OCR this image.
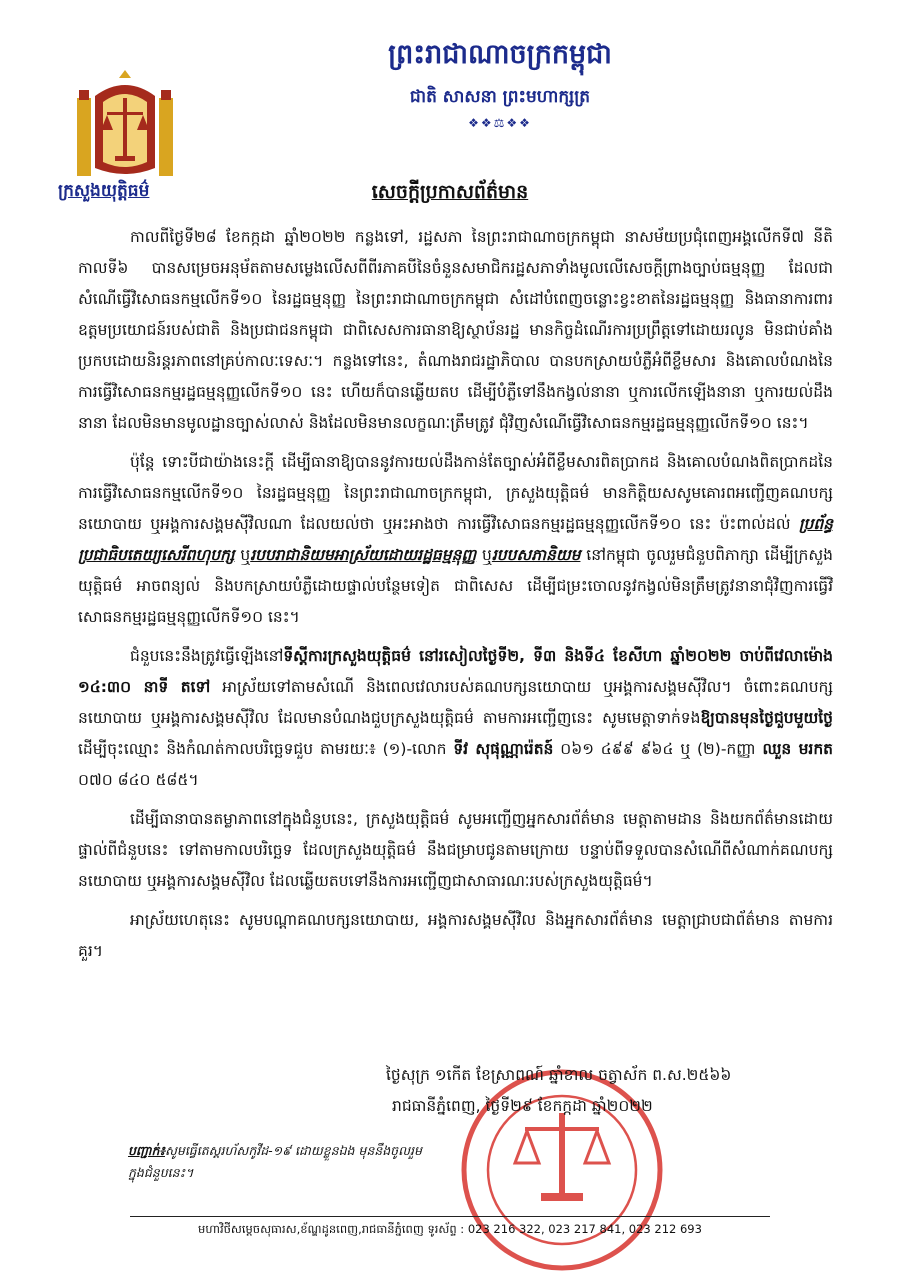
ក្រសួងយុត្តិធម៌
ព្រះរាជាណាចក្រកម្ពុជា
ជាតិ សាសនា ព្រះមហាក្សត្រ
❖❖⚖❖❖
សេចក្ដីប្រកាសព័ត៌មាន

កាលពីថ្ងៃទី២៨ ខែកក្កដា ឆ្នាំ២០២២ កន្លងទៅ, រដ្ឋសភា នៃព្រះរាជាណាចក្រកម្ពុជា នាសម័យប្រជុំពេញអង្គលើកទី៧ នីតិកាលទី៦ បានសម្រេចអនុម័តតាមសម្លេងលើសពីពីរភាគបីនៃចំនួនសមាជិករដ្ឋសភាទាំងមូលលើសេចក្ដីព្រាងច្បាប់ធម្មនុញ្ញ ដែលជាសំណើធ្វើវិសោធនកម្មលើកទី១០ នៃរដ្ឋធម្មនុញ្ញ នៃព្រះរាជាណាចក្រកម្ពុជា សំដៅបំពេញចន្លោះខ្វះខាតនៃរដ្ឋធម្មនុញ្ញ និងធានាការពារឧត្តមប្រយោជន៍របស់ជាតិ និងប្រជាជនកម្ពុជា ជាពិសេសការធានាឱ្យស្ថាប័នរដ្ឋ មានកិច្ចដំណើរការប្រព្រឹត្តទៅដោយរលូន មិនជាប់គាំង ប្រកបដោយនិរន្តរភាពនៅគ្រប់កាលៈទេសៈ។ កន្លងទៅនេះ, តំណាងរាជរដ្ឋាភិបាល បានបកស្រាយបំភ្លឺអំពីខ្លឹមសារ និងគោលបំណងនៃការធ្វើវិសោធនកម្មរដ្ឋធម្មនុញ្ញលើកទី១០ នេះ ហើយក៏បានឆ្លើយតប ដើម្បីបំភ្លឺទៅនឹងកង្វល់នានា ឬការលើកឡើងនានា ឬការយល់ដឹងនានា ដែលមិនមានមូលដ្ឋានច្បាស់លាស់ និងដែលមិនមានលក្ខណៈត្រឹមត្រូវ ជុំវិញសំណើធ្វើវិសោធនកម្មរដ្ឋធម្មនុញ្ញលើកទី១០ នេះ។

ប៉ុន្តែ ទោះបីជាយ៉ាងនេះក្ដី ដើម្បីធានាឱ្យបាននូវការយល់ដឹងកាន់តែច្បាស់អំពីខ្លឹមសារពិតប្រាកដ និងគោលបំណងពិតប្រាកដនៃការធ្វើវិសោធនកម្មលើកទី១០ នៃរដ្ឋធម្មនុញ្ញ នៃព្រះរាជាណាចក្រកម្ពុជា, ក្រសួងយុត្តិធម៌ មានកិត្តិយសសូមគោរពអញ្ជើញគណបក្សនយោបាយ ឬអង្គការសង្គមស៊ីវិលណា ដែលយល់ថា ឬអះអាងថា ការធ្វើវិសោធនកម្មរដ្ឋធម្មនុញ្ញលើកទី១០ នេះ ប៉ះពាល់ដល់ ប្រព័ន្ធប្រជាធិបតេយ្យសេរីពហុបក្ស ឬរបបរាជានិយមអាស្រ័យដោយរដ្ឋធម្មនុញ្ញ ឬរបបសភានិយម នៅកម្ពុជា ចូលរួមជំនួបពិភាក្សា ដើម្បីក្រសួងយុត្តិធម៌ អាចពន្យល់ និងបកស្រាយបំភ្លឺដោយផ្ទាល់បន្ថែមទៀត ជាពិសេស ដើម្បីជម្រះចោលនូវកង្វល់មិនត្រឹមត្រូវនានាជុំវិញការធ្វើវិសោធនកម្មរដ្ឋធម្មនុញ្ញលើកទី១០ នេះ។

ជំនួបនេះនឹងត្រូវធ្វើឡើងនៅទីស្តីការក្រសួងយុត្តិធម៌ នៅរសៀលថ្ងៃទី២, ទី៣ និងទី៤ ខែសីហា ឆ្នាំ២០២២ ចាប់ពីវេលាម៉ោង ១៤:៣០ នាទី តទៅ អាស្រ័យទៅតាមសំណើ និងពេលវេលារបស់គណបក្សនយោបាយ ឬអង្គការសង្គមស៊ីវិល។ ចំពោះគណបក្សនយោបាយ ឬអង្គការសង្គមស៊ីវិល ដែលមានបំណងជួបក្រសួងយុត្តិធម៌ តាមការអញ្ជើញនេះ សូមមេត្តាទាក់ទងឱ្យបានមុនថ្ងៃជួបមួយថ្ងៃ ដើម្បីចុះឈ្មោះ និងកំណត់កាលបរិច្ឆេទជួប តាមរយៈ៖ (១)-លោក ទីវ សុផុណ្ណារ៉េតន៍ ០៦១ ៤៩៩ ៩៦៤ ឬ (២)-កញ្ញា ឈួន មរកត ០៧០ ៨៤០ ៥៨៥។

ដើម្បីធានាបានតម្លាភាពនៅក្នុងជំនួបនេះ, ក្រសួងយុត្តិធម៌ សូមអញ្ជើញអ្នកសារព័ត៌មាន មេត្តាតាមដាន និងយកព័ត៌មានដោយផ្ទាល់ពីជំនួបនេះ ទៅតាមកាលបរិច្ឆេទ ដែលក្រសួងយុត្តិធម៌ នឹងជម្រាបជូនតាមក្រោយ បន្ទាប់ពីទទួលបានសំណើពីសំណាក់គណបក្សនយោបាយ ឬអង្គការសង្គមស៊ីវិល ដែលឆ្លើយតបទៅនឹងការអញ្ជើញជាសាធារណៈរបស់ក្រសួងយុត្តិធម៌។

អាស្រ័យហេតុនេះ សូមបណ្ដាគណបក្សនយោបាយ, អង្គការសង្គមស៊ីវិល និងអ្នកសារព័ត៌មាន មេត្តាជ្រាបជាព័ត៌មាន តាមការគួរ។

ថ្ងៃសុក្រ ១កើត ខែស្រាពណ៍ ឆ្នាំខាល ចត្វាស័ក ព.ស.២៥៦៦
រាជធានីភ្នំពេញ, ថ្ងៃទី២៩ ខែកក្កដា ឆ្នាំ២០២២
បញ្ជាក់៖សូមធ្វើតេស្តរហ័សកូវីដ-១៩ ដោយខ្លួនឯង មុននឹងចូលរួមក្នុងជំនួបនេះ។
មហាវិថីសម្ដេចសុធារស,ខ័ណ្ឌដូនពេញ,រាជធានីភ្នំពេញ ទូរស័ព្ទ : 023 216 322, 023 217 841, 023 212 693
